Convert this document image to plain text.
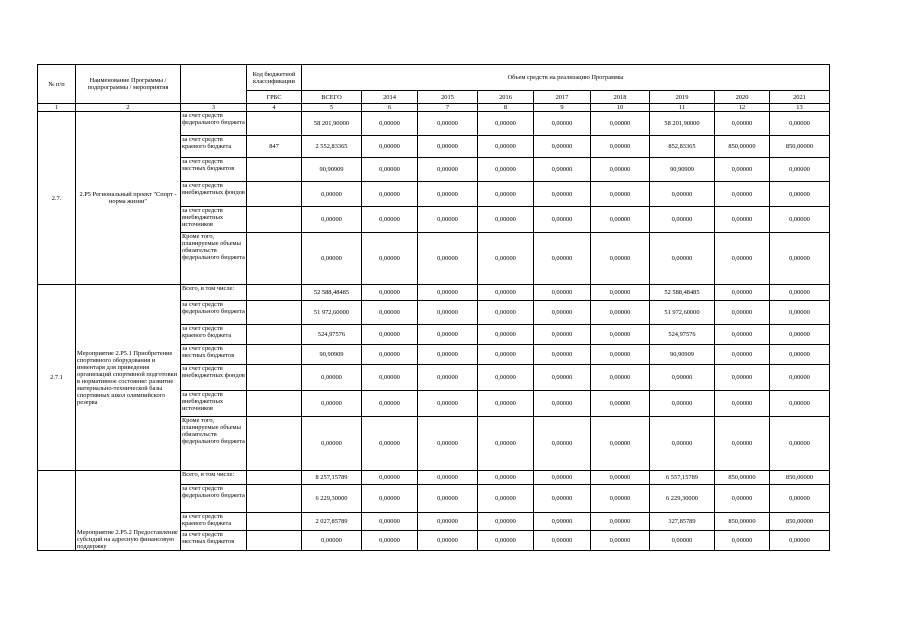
№ п/п	Наименование Программы / подпрограммы / мероприятия		Код бюджетной классификации	Объем средств на реализацию Программы								
			ГРБС	ВСЕГО	2014	2015	2016	2017	2018	2019	2020	2021
1	2	3	4	5	6	7	8	9	10	11	12	13
2.7.	2.Р5 Региональный проект "Спорт - норма жизни"	за счет средств федерального бюджета		58 201,90000	0,00000	0,00000	0,00000	0,00000	0,00000	58 201,90000	0,00000	0,00000
		за счет средств краевого бюджета	847	2 552,83365	0,00000	0,00000	0,00000	0,00000	0,00000	852,83365	850,00000	850,00000
		за счет средств местных бюджетов		90,90909	0,00000	0,00000	0,00000	0,00000	0,00000	90,90909	0,00000	0,00000
		за счет средств внебюджетных фондов		0,00000	0,00000	0,00000	0,00000	0,00000	0,00000	0,00000	0,00000	0,00000
		за счет средств внебюджетных источников		0,00000	0,00000	0,00000	0,00000	0,00000	0,00000	0,00000	0,00000	0,00000
		Кроме того, планируемые объемы обязательств федерального бюджета		0,00000	0,00000	0,00000	0,00000	0,00000	0,00000	0,00000	0,00000	0,00000
2.7.1	Мероприятие 2.Р5.1 Приобретение спортивного оборудования и инвентаря для приведения организаций спортивной подготовки в нормативное состояние: развитие материально-технической базы спортивных школ олимпийского резерва	Всего, в том числе:		52 588,48485	0,00000	0,00000	0,00000	0,00000	0,00000	52 588,48485	0,00000	0,00000
		за счет средств федерального бюджета		51 972,60000	0,00000	0,00000	0,00000	0,00000	0,00000	51 972,60000	0,00000	0,00000
		за счет средств краевого бюджета		524,97576	0,00000	0,00000	0,00000	0,00000	0,00000	524,97576	0,00000	0,00000
		за счет средств местных бюджетов		90,90909	0,00000	0,00000	0,00000	0,00000	0,00000	90,90909	0,00000	0,00000
		за счет средств внебюджетных фондов		0,00000	0,00000	0,00000	0,00000	0,00000	0,00000	0,00000	0,00000	0,00000
		за счет средств внебюджетных источников		0,00000	0,00000	0,00000	0,00000	0,00000	0,00000	0,00000	0,00000	0,00000
		Кроме того, планируемые объемы обязательств федерального бюджета		0,00000	0,00000	0,00000	0,00000	0,00000	0,00000	0,00000	0,00000	0,00000
	Мероприятие 2.Р5.2 Предоставление субсидий на адресную финансовую поддержку	Всего, в том числе:		8 257,15789	0,00000	0,00000	0,00000	0,00000	0,00000	6 557,15789	850,00000	850,00000
		за счет средств федерального бюджета		6 229,30000	0,00000	0,00000	0,00000	0,00000	0,00000	6 229,30000	0,00000	0,00000
		за счет средств краевого бюджета		2 027,85789	0,00000	0,00000	0,00000	0,00000	0,00000	327,85789	850,00000	850,00000
		за счет средств местных бюджетов		0,00000	0,00000	0,00000	0,00000	0,00000	0,00000	0,00000	0,00000	0,00000
